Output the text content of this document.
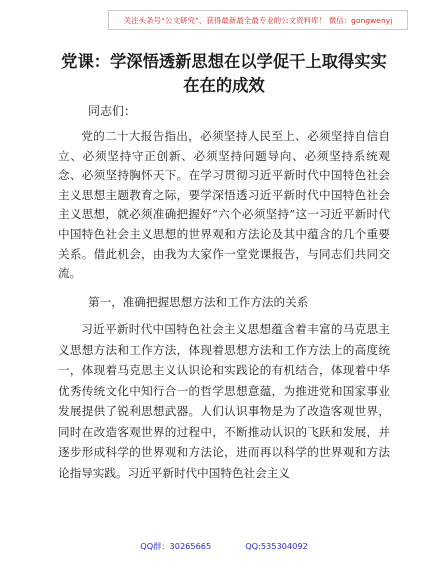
关注头条号“公文研究”，获得最新最全最专业的公文资料库！ 微信：gongwenyj
党课：学深悟透新思想在以学促干上取得实实在在的成效

同志们：

党的二十大报告指出，必须坚持人民至上、必须坚持自信自立、必须坚持守正创新、必须坚持问题导向、必须坚持系统观念、必须坚持胸怀天下。在学习贯彻习近平新时代中国特色社会主义思想主题教育之际，要学深悟透习近平新时代中国特色社会主义思想，就必须准确把握好“六个必须坚持”这一习近平新时代中国特色社会主义思想的世界观和方法论及其中蕴含的几个重要关系。借此机会，由我为大家作一堂党课报告，与同志们共同交流。

第一，准确把握思想方法和工作方法的关系

习近平新时代中国特色社会主义思想蕴含着丰富的马克思主义思想方法和工作方法，体现着思想方法和工作方法上的高度统一，体现着马克思主义认识论和实践论的有机结合，体现着中华优秀传统文化中知行合一的哲学思想意蕴，为推进党和国家事业发展提供了锐利思想武器。人们认识事物是为了改造客观世界，同时在改造客观世界的过程中，不断推动认识的飞跃和发展，并逐步形成科学的世界观和方法论，进而再以科学的世界观和方法论指导实践。习近平新时代中国特色社会主义

QQ群：30265665	QQ:535304092
